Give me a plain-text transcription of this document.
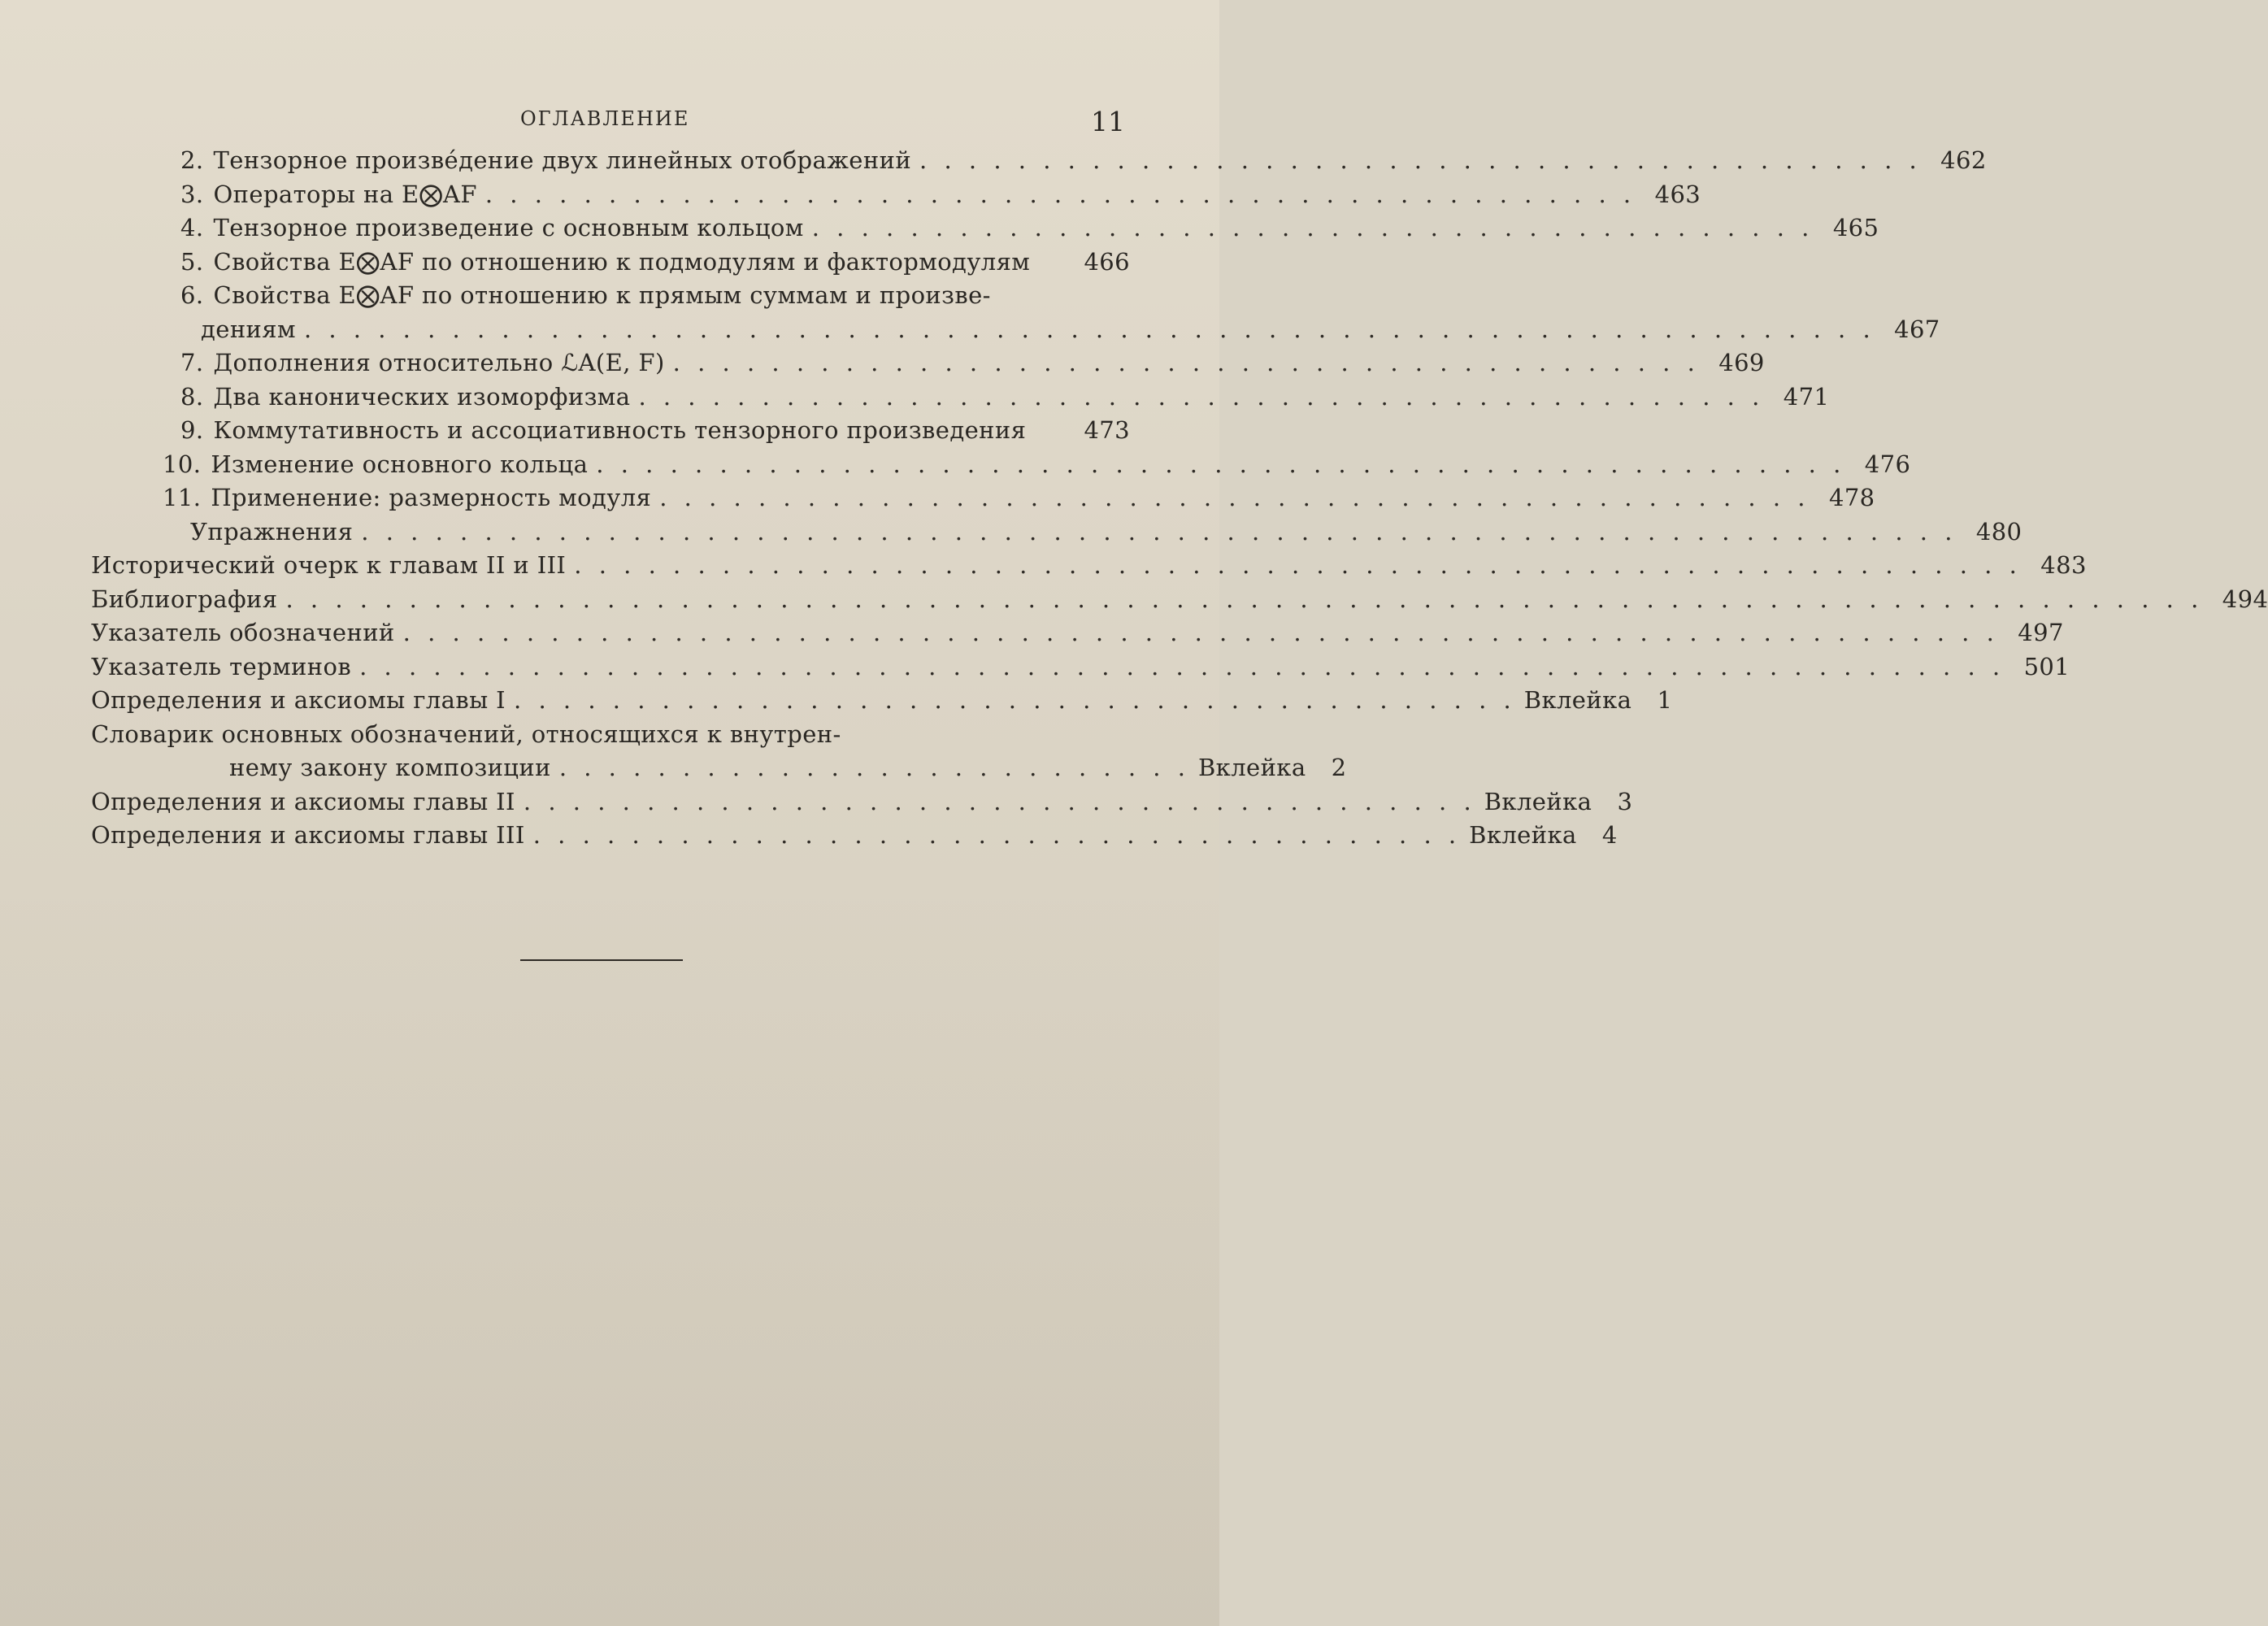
ОГЛАВЛЕНИЕ	11
2. Тензорное произве́дение двух линейных отображений . . . . . . . . . . . . . . . . . . . . . . . . . . . . . . . . . . . . . . . . . 462
3. Операторы на E⨂AF . . . . . . . . . . . . . . . . . . . . . . . . . . . . . . . . . . . . . . . . . . . . . . . 463
4. Тензорное произведение с основным кольцом . . . . . . . . . . . . . . . . . . . . . . . . . . . . . . . . . . . . . . . . . 465
5. Свойства E⨂AF по отношению к подмодулям и фактормодулям	466
6. Свойства E⨂AF по отношению к прямым суммам и произве-
дениям . . . . . . . . . . . . . . . . . . . . . . . . . . . . . . . . . . . . . . . . . . . . . . . . . . . . . . . . . . . . . . . . 467
7. Дополнения относительно ℒA(E, F) . . . . . . . . . . . . . . . . . . . . . . . . . . . . . . . . . . . . . . . . . . 469
8. Два канонических изоморфизма . . . . . . . . . . . . . . . . . . . . . . . . . . . . . . . . . . . . . . . . . . . . . . 471
9. Коммутативность и ассоциативность тензорного произведения	473
10. Изменение основного кольца . . . . . . . . . . . . . . . . . . . . . . . . . . . . . . . . . . . . . . . . . . . . . . . . . . . 476
11. Применение: размерность модуля . . . . . . . . . . . . . . . . . . . . . . . . . . . . . . . . . . . . . . . . . . . . . . . 478
Упражнения . . . . . . . . . . . . . . . . . . . . . . . . . . . . . . . . . . . . . . . . . . . . . . . . . . . . . . . . . . . . . . . . . 480
Исторический очерк к главам II и III . . . . . . . . . . . . . . . . . . . . . . . . . . . . . . . . . . . . . . . . . . . . . . . . . . . . . . . . . . . 483
Библиография . . . . . . . . . . . . . . . . . . . . . . . . . . . . . . . . . . . . . . . . . . . . . . . . . . . . . . . . . . . . . . . . . . . . . . . . . . . . . . 494
Указатель обозначений . . . . . . . . . . . . . . . . . . . . . . . . . . . . . . . . . . . . . . . . . . . . . . . . . . . . . . . . . . . . . . . . . 497
Указатель терминов . . . . . . . . . . . . . . . . . . . . . . . . . . . . . . . . . . . . . . . . . . . . . . . . . . . . . . . . . . . . . . . . . . . 501
Определения и аксиомы главы I . . . . . . . . . . . . . . . . . . . . . . . . . . . . . . . . . . . . . . . . . Вклейка	1
Словарик основных обозначений, относящихся к внутрен-
нему закону композиции . . . . . . . . . . . . . . . . . . . . . . . . . . Вклейка	2
Определения и аксиомы главы II . . . . . . . . . . . . . . . . . . . . . . . . . . . . . . . . . . . . . . . Вклейка	3
Определения и аксиомы главы III . . . . . . . . . . . . . . . . . . . . . . . . . . . . . . . . . . . . . . Вклейка	4
